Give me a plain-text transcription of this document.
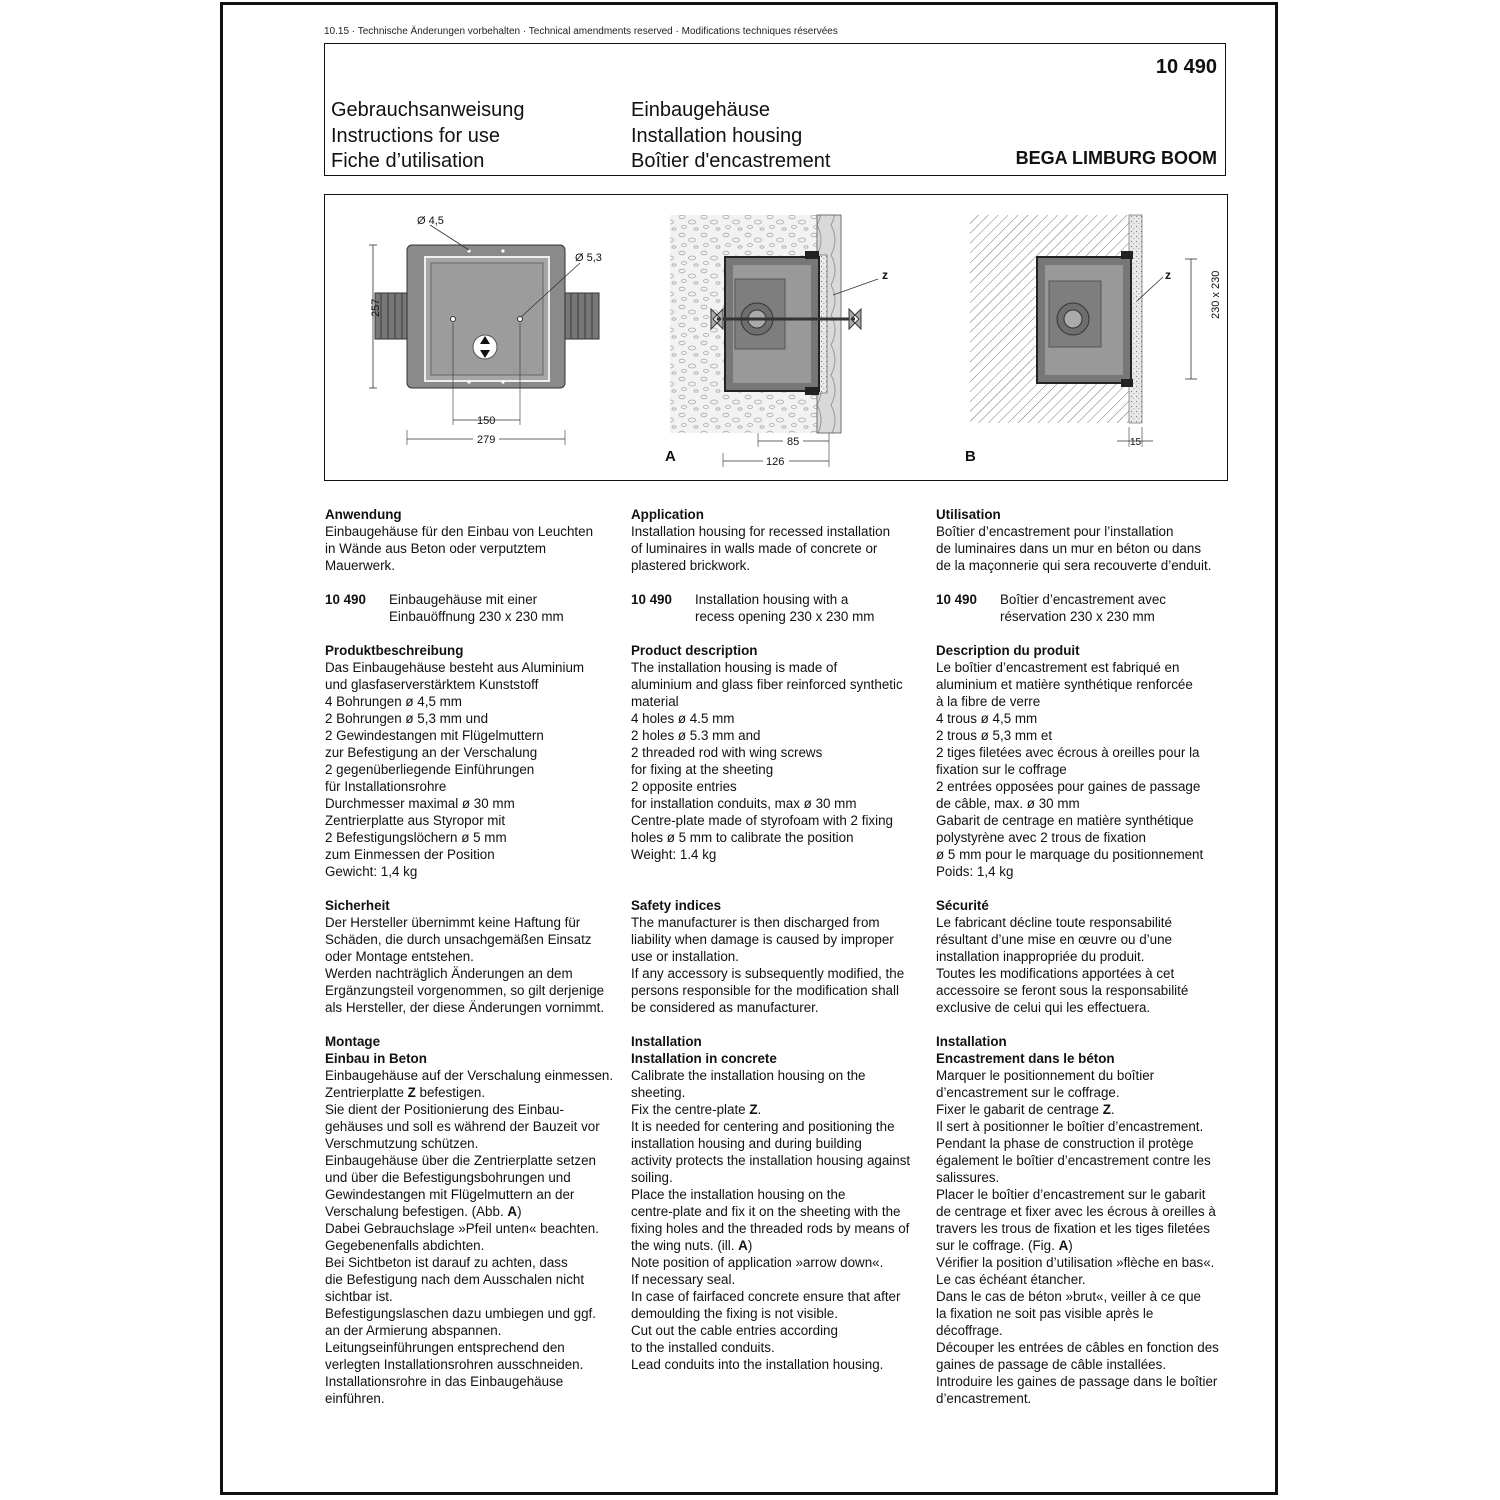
10.15 · Technische Änderungen vorbehalten · Technical amendments reserved · Modifications techniques réservées
10 490
Gebrauchsanweisung
Instructions for use
Fiche d’utilisation
Einbaugehäuse
Installation housing
Boîtier d'encastrement	BEGA LIMBURG BOOM
Ø 4,5
Ø 5,3
257
150
279
z
85
126
A
z	230 x 230
15
B
Anwendung
Einbaugehäuse für den Einbau von Leuchten
in Wände aus Beton oder verputztem
Mauerwerk.
10 490	Einbaugehäuse mit einer
Einbauöffnung 230 x 230 mm
Produktbeschreibung
Das Einbaugehäuse besteht aus Aluminium
und glasfaserverstärktem Kunststoff
4 Bohrungen ø 4,5 mm
2 Bohrungen ø 5,3 mm und
2 Gewindestangen mit Flügelmuttern
zur Befestigung an der Verschalung
2 gegenüberliegende Einführungen
für Installationsrohre
Durchmesser maximal ø 30 mm
Zentrierplatte aus Styropor mit
2 Befestigungslöchern ø 5 mm
zum Einmessen der Position
Gewicht: 1,4 kg
Sicherheit
Der Hersteller übernimmt keine Haftung für
Schäden, die durch unsachgemäßen Einsatz
oder Montage entstehen.
Werden nachträglich Änderungen an dem
Ergänzungsteil vorgenommen, so gilt derjenige
als Hersteller, der diese Änderungen vornimmt.
Montage
Einbau in Beton
Einbaugehäuse auf der Verschalung einmessen.
Zentrierplatte Z befestigen.
Sie dient der Positionierung des Einbau-
gehäuses und soll es während der Bauzeit vor
Verschmutzung schützen.
Einbaugehäuse über die Zentrierplatte setzen
und über die Befestigungsbohrungen und
Gewindestangen mit Flügelmuttern an der
Verschalung befestigen. (Abb. A)
Dabei Gebrauchslage »Pfeil unten« beachten.
Gegebenenfalls abdichten.
Bei Sichtbeton ist darauf zu achten, dass
die Befestigung nach dem Ausschalen nicht
sichtbar ist.
Befestigungslaschen dazu umbiegen und ggf.
an der Armierung abspannen.
Leitungseinführungen entsprechend den
verlegten Installationsrohren ausschneiden.
Installationsrohre in das Einbaugehäuse
einführen.
Application
Installation housing for recessed installation
of luminaires in walls made of concrete or
plastered brickwork.
10 490	Installation housing with a
recess opening 230 x 230 mm
Product description
The installation housing is made of
aluminium and glass fiber reinforced synthetic
material
4 holes ø 4.5 mm
2 holes ø 5.3 mm and
2 threaded rod with wing screws
for fixing at the sheeting
2 opposite entries
for installation conduits, max ø 30 mm
Centre-plate made of styrofoam with 2 fixing
holes ø 5 mm to calibrate the position
Weight: 1.4 kg
Safety indices
The manufacturer is then discharged from
liability when damage is caused by improper
use or installation.
If any accessory is subsequently modified, the
persons responsible for the modification shall
be considered as manufacturer.
Installation
Installation in concrete
Calibrate the installation housing on the
sheeting.
Fix the centre-plate Z.
It is needed for centering and positioning the
installation housing and during building
activity protects the installation housing against
soiling.
Place the installation housing on the
centre-plate and fix it on the sheeting with the
fixing holes and the threaded rods by means of
the wing nuts. (ill. A)
Note position of application »arrow down«.
If necessary seal.
In case of fairfaced concrete ensure that after
demoulding the fixing is not visible.
Cut out the cable entries according
to the installed conduits.
Lead conduits into the installation housing.
Utilisation
Boîtier d’encastrement pour l’installation
de luminaires dans un mur en béton ou dans
de la maçonnerie qui sera recouverte d’enduit.
10 490	Boîtier d’encastrement avec
réservation 230 x 230 mm
Description du produit
Le boîtier d’encastrement est fabriqué en
aluminium et matière synthétique renforcée
à la fibre de verre
4 trous ø 4,5 mm
2 trous ø 5,3 mm et
2 tiges filetées avec écrous à oreilles pour la
fixation sur le coffrage
2 entrées opposées pour gaines de passage
de câble, max. ø 30 mm
Gabarit de centrage en matière synthétique
polystyrène avec 2 trous de fixation
ø 5 mm pour le marquage du positionnement
Poids: 1,4 kg
Sécurité
Le fabricant décline toute responsabilité
résultant d’une mise en œuvre ou d’une
installation inappropriée du produit.
Toutes les modifications apportées à cet
accessoire se feront sous la responsabilité
exclusive de celui qui les effectuera.
Installation
Encastrement dans le béton
Marquer le positionnement du boîtier
d’encastrement sur le coffrage.
Fixer le gabarit de centrage Z.
Il sert à positionner le boîtier d’encastrement.
Pendant la phase de construction il protège
également le boîtier d’encastrement contre les
salissures.
Placer le boîtier d’encastrement sur le gabarit
de centrage et fixer avec les écrous à oreilles à
travers les trous de fixation et les tiges filetées
sur le coffrage. (Fig. A)
Vérifier la position d’utilisation »flèche en bas«.
Le cas échéant étancher.
Dans le cas de béton »brut«, veiller à ce que
la fixation ne soit pas visible après le
décoffrage.
Découper les entrées de câbles en fonction des
gaines de passage de câble installées.
Introduire les gaines de passage dans le boîtier
d’encastrement.
